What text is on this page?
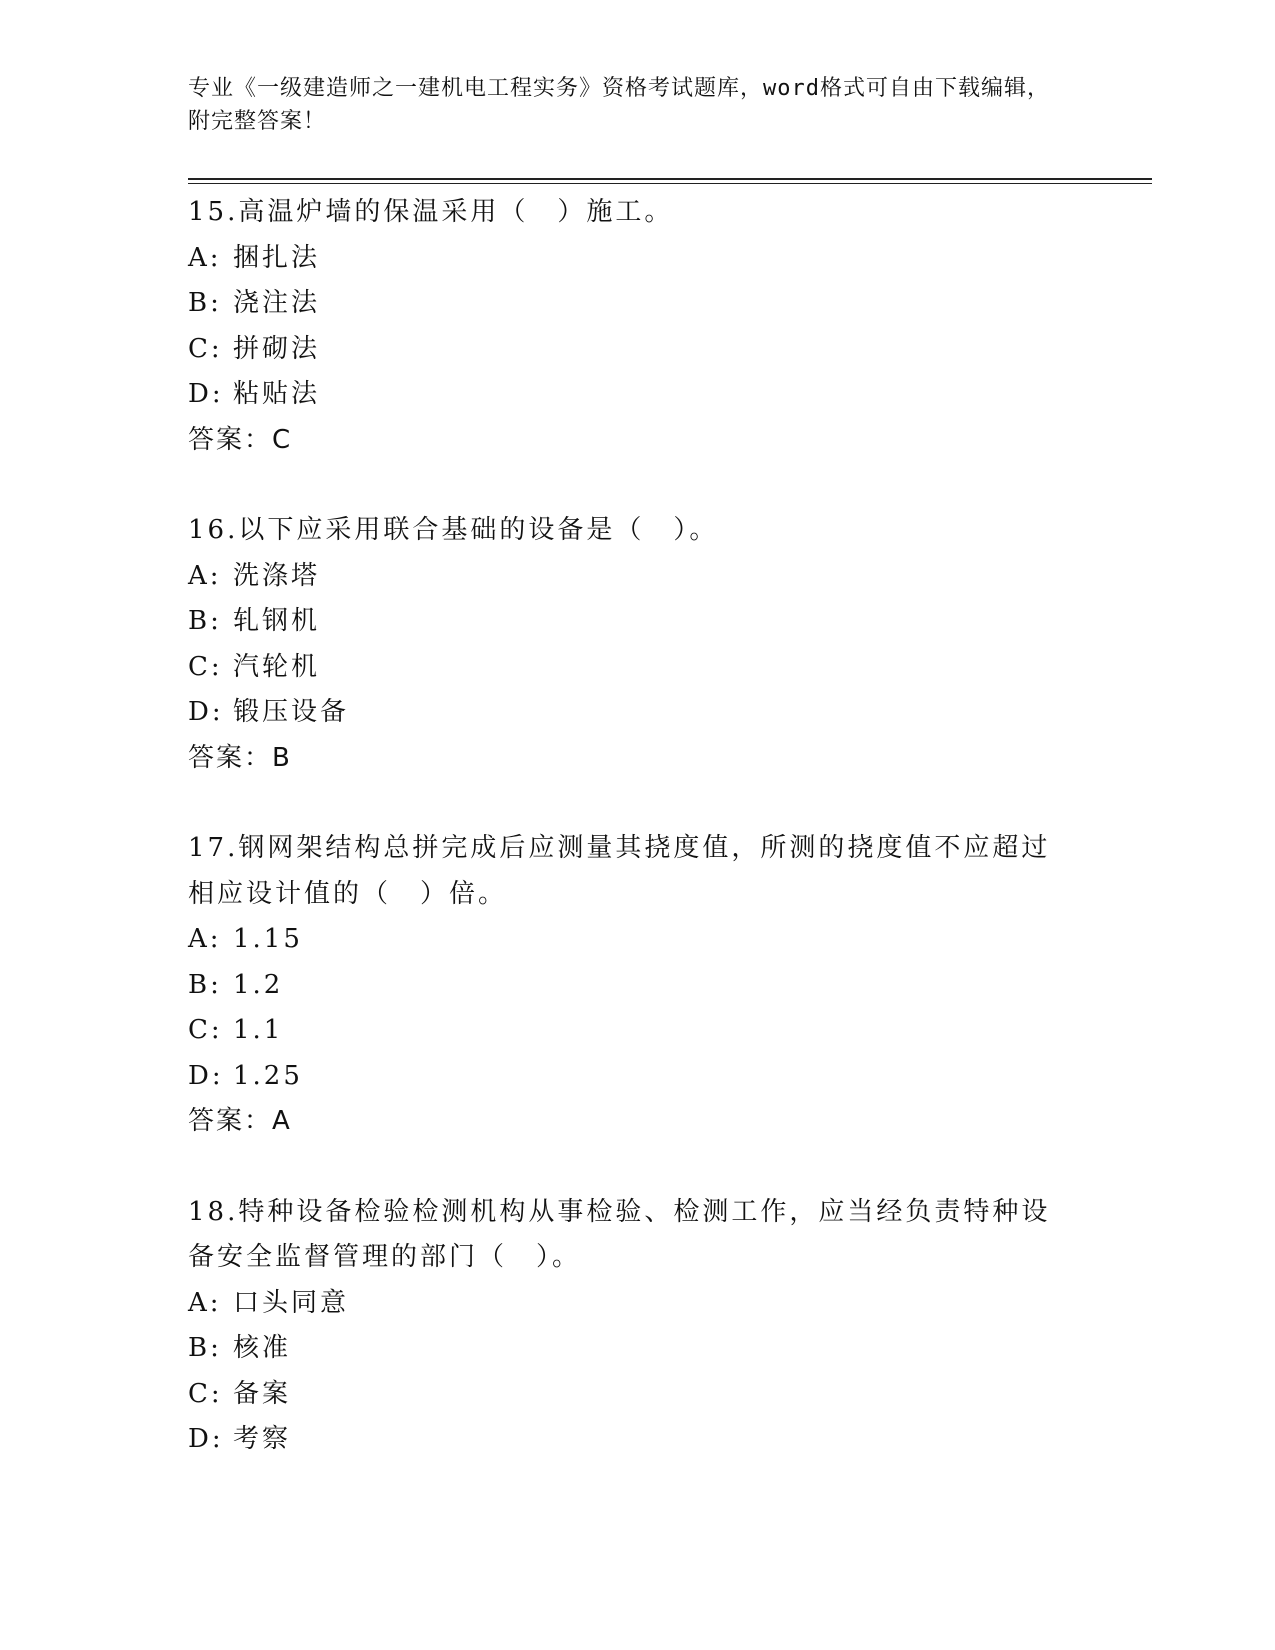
专业《一级建造师之一建机电工程实务》资格考试题库，word格式可自由下载编辑，附完整答案！
15.高温炉墙的保温采用（　）施工。
A: 捆扎法
B: 浇注法
C: 拼砌法
D: 粘贴法
答案：C
16.以下应采用联合基础的设备是（　）。
A: 洗涤塔
B: 轧钢机
C: 汽轮机
D: 锻压设备
答案：B
17.钢网架结构总拼完成后应测量其挠度值，所测的挠度值不应超过相应设计值的（　）倍。
A: 1.15
B: 1.2
C: 1.1
D: 1.25
答案：A
18.特种设备检验检测机构从事检验、检测工作，应当经负责特种设备安全监督管理的部门（　）。
A: 口头同意
B: 核准
C: 备案
D: 考察
